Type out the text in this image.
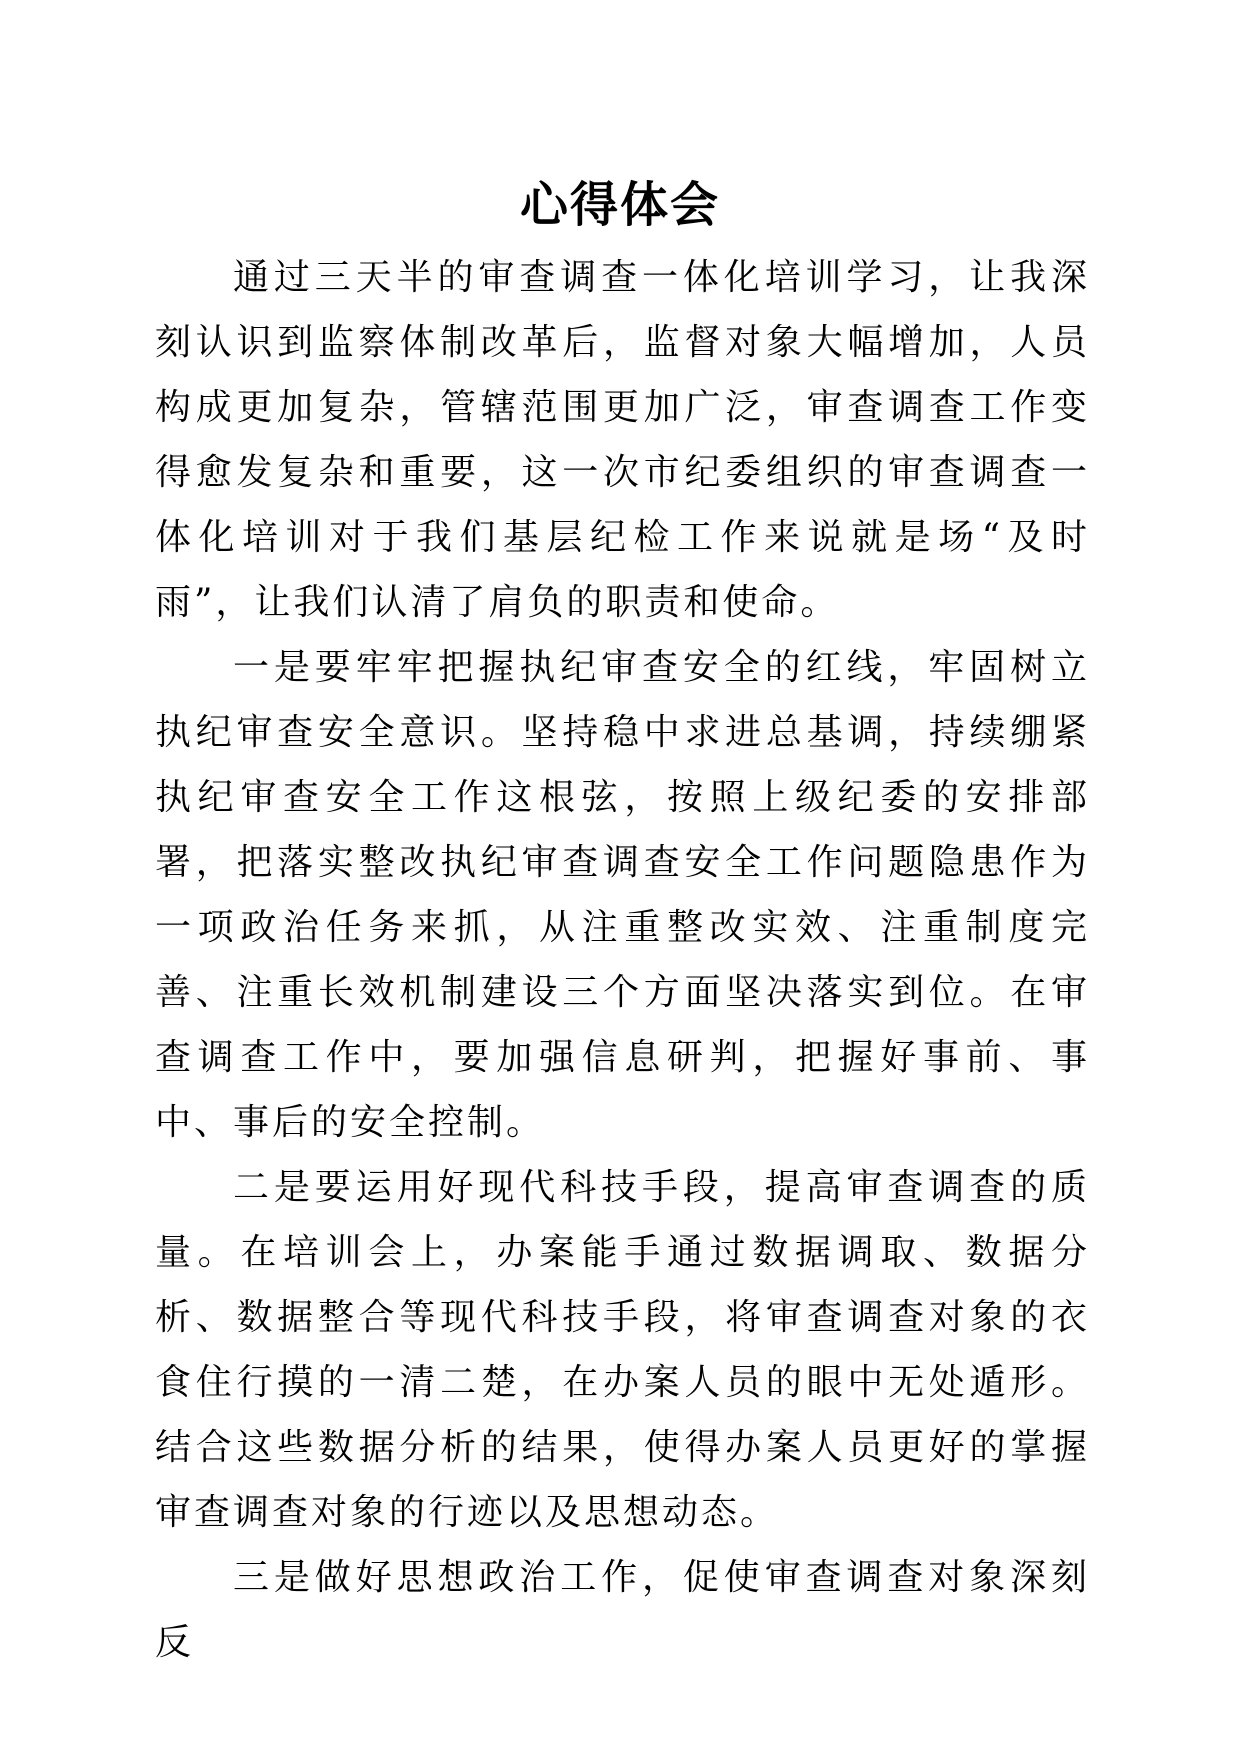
心得体会

通过三天半的审查调查一体化培训学习，让我深刻认识到监察体制改革后，监督对象大幅增加，人员构成更加复杂，管辖范围更加广泛，审查调查工作变得愈发复杂和重要，这一次市纪委组织的审查调查一体化培训对于我们基层纪检工作来说就是场“及时雨”，让我们认清了肩负的职责和使命。

一是要牢牢把握执纪审查安全的红线，牢固树立执纪审查安全意识。坚持稳中求进总基调，持续绷紧执纪审查安全工作这根弦，按照上级纪委的安排部署，把落实整改执纪审查调查安全工作问题隐患作为一项政治任务来抓，从注重整改实效、注重制度完善、注重长效机制建设三个方面坚决落实到位。在审查调查工作中，要加强信息研判，把握好事前、事中、事后的安全控制。

二是要运用好现代科技手段，提高审查调查的质量。在培训会上，办案能手通过数据调取、数据分析、数据整合等现代科技手段，将审查调查对象的衣食住行摸的一清二楚，在办案人员的眼中无处遁形。结合这些数据分析的结果，使得办案人员更好的掌握审查调查对象的行迹以及思想动态。

三是做好思想政治工作，促使审查调查对象深刻反
